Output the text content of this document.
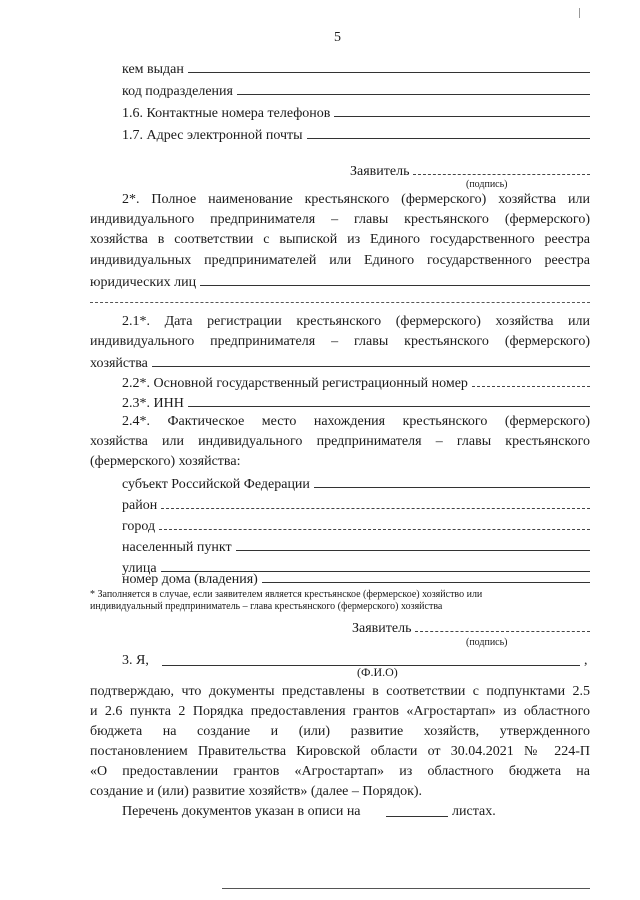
5
кем выдан
код подразделения
1.6. Контактные номера телефонов
1.7. Адрес электронной почты
Заявитель
(подпись)
2*. Полное наименование крестьянского (фермерского) хозяйства или
индивидуального предпринимателя – главы крестьянского (фермерского)
хозяйства в соответствии с выпиской из Единого государственного реестра
индивидуальных предпринимателей или Единого государственного реестра
юридических лиц
2.1*. Дата регистрации крестьянского (фермерского) хозяйства или
индивидуального предпринимателя – главы крестьянского (фермерского)
хозяйства
2.2*. Основной государственный регистрационный номер
2.3*. ИНН
2.4*. Фактическое место нахождения крестьянского (фермерского)
хозяйства или индивидуального предпринимателя – главы крестьянского
(фермерского) хозяйства:
субъект Российской Федерации
район
город
населенный пункт
улица
номер дома (владения)
* Заполняется в случае, если заявителем является крестьянское (фермерское) хозяйство или
индивидуальный предприниматель – глава крестьянского (фермерского) хозяйства
Заявитель
(подпись)
3. Я,	,
(Ф.И.О)
подтверждаю, что документы представлены в соответствии с подпунктами 2.5
и 2.6 пункта 2 Порядка предоставления грантов «Агростартап» из областного
бюджета на создание и (или) развитие хозяйств, утвержденного
постановлением Правительства Кировской области от 30.04.2021 № 224-П
«О предоставлении грантов «Агростартап» из областного бюджета на
создание и (или) развитие хозяйств» (далее – Порядок).
Перечень документов указан в описи на	листах.
